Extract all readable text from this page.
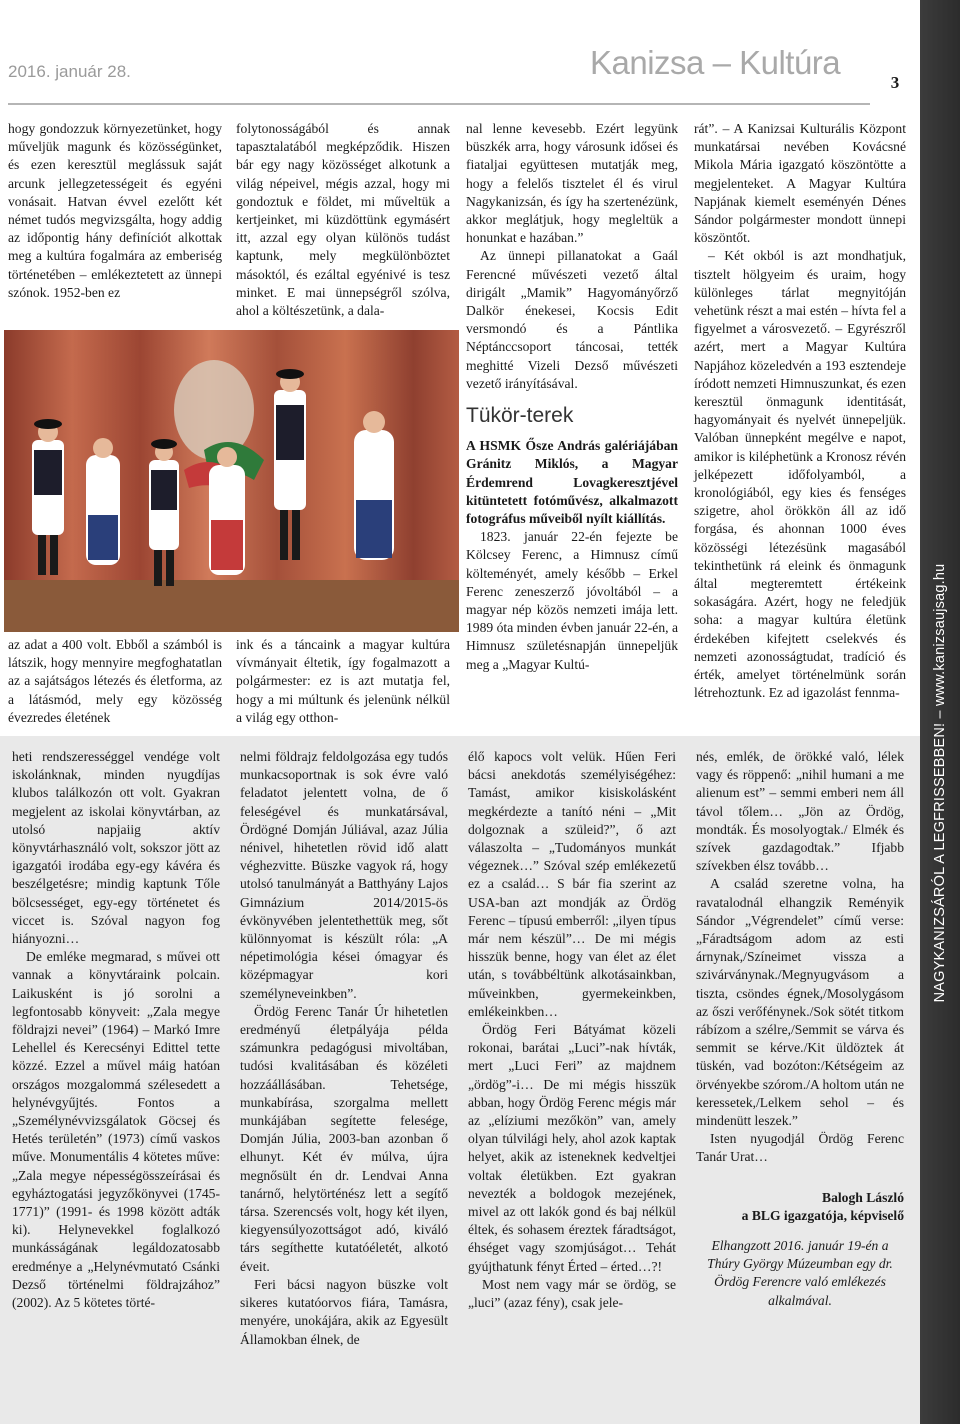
2016. január 28.	Kanizsa – Kultúra
3
NAGYKANIZSÁRÓL A LEGFRISSEBBEN! – www.kanizsaujsag.hu

hogy gondozzuk környezetünket, hogy műveljük magunk és közösségünket, és ezen keresztül meglássuk saját arcunk jellegzetességeit és egyéni vonásait. Hatvan évvel ezelőtt két német tudós megvizsgálta, hogy addig az időpontig hány definíciót alkottak meg a kultúra fogalmára az emberiség történetében – emlékeztetett az ünnepi szónok. 1952-ben ez

az adat a 400 volt. Ebből a számból is látszik, hogy mennyire megfoghatatlan az a sajátságos létezés és életforma, az a látásmód, mely egy közösség évezredes életének

folytonosságából és annak tapasztalatából megképződik. Hiszen bár egy nagy közösséget alkotunk a világ népeivel, mégis azzal, hogy mi gondoztuk e földet, mi műveltük a kertjeinket, mi küzdöttünk egymásért itt, azzal egy olyan különös tudást kaptunk, mely megkülönböztet másoktól, és ezáltal egyénivé is tesz minket. E mai ünnepségről szólva, ahol a költészetünk, a dala-

ink és a táncaink a magyar kultúra vívmányait éltetik, így fogalmazott a polgármester: ez is azt mutatja fel, hogy a mi múltunk és jelenünk nélkül a világ egy otthon-

nal lenne kevesebb. Ezért legyünk büszkék arra, hogy városunk idősei és fiataljai együttesen mutatják meg, hogy a felelős tisztelet él és virul Nagykanizsán, és így ha szertenézünk, akkor meglátjuk, hogy megleltük a honunkat e hazában.”

Az ünnepi pillanatokat a Gaál Ferencné művészeti vezető által dirigált „Mamik” Hagyományőrző Dalkör énekesei, Kocsis Edit versmondó és a Pántlika Néptánccsoport táncosai, tették meghitté Vizeli Dezső művészeti vezető irányításával.

Tükör-terek

A HSMK Ősze András galériájában Gránitz Miklós, a Magyar Érdemrend Lovagkeresztjével kitüntetett fotóművész, alkalmazott fotográfus műveiből nyílt kiállítás.

1823. január 22-én fejezte be Kölcsey Ferenc, a Himnusz című költeményét, amely később – Erkel Ferenc zeneszerző jóvoltából – a magyar nép közös nemzeti imája lett. 1989 óta minden évben január 22-én, a Himnusz születésnapján ünnepeljük meg a „Magyar Kultú-

rát”. – A Kanizsai Kulturális Központ munkatársai nevében Kovácsné Mikola Mária igazgató köszöntötte a megjelenteket. A Magyar Kultúra Napjának kiemelt eseményén Dénes Sándor polgármester mondott ünnepi köszöntőt.

– Két okból is azt mondhatjuk, tisztelt hölgyeim és uraim, hogy különleges tárlat megnyitóján vehetünk részt a mai estén – hívta fel a figyelmet a városvezető. – Egyrészről azért, mert a Magyar Kultúra Napjához közeledvén a 193 esztendeje íródott nemzeti Himnuszunkat, és ezen keresztül önmagunk identitását, hagyományait és nyelvét ünnepeljük. Valóban ünnepként megélve e napot, amikor is kiléphetünk a Kronosz révén jelképezett időfolyamból, a kronológiából, egy kies és fenséges szigetre, ahol örökkön áll az idő forgása, és ahonnan 1000 éves közösségi létezésünk magasából tekinthetünk rá eleink és önmagunk által megteremtett értékeink sokaságára. Azért, hogy ne feledjük soha: a magyar kultúra életünk érdekében kifejtett cselekvés és nemzeti azonosságtudat, tradíció és érték, amelyet történelmünk során létrehoztunk. Ez ad igazolást fennma-

heti rendszerességgel vendége volt iskolánknak, minden nyugdíjas klubos találkozón ott volt. Gyakran megjelent az iskolai könyvtárban, az utolsó napjaiig aktív könyvtárhasználó volt, sokszor jött az igazgatói irodába egy-egy kávéra és beszélgetésre; mindig kaptunk Tőle bölcsességet, egy-egy történetet és viccet is. Szóval nagyon fog hiányozni…

De emléke megmarad, s művei ott vannak a könyvtáraink polcain. Laikusként is jó sorolni a legfontosabb könyveit: „Zala megye földrajzi nevei” (1964) – Markó Imre Lehellel és Kerecsényi Edittel tette közzé. Ezzel a művel máig hatóan országos mozgalommá szélesedett a helynévgyűjtés. Fontos a „Személynévvizsgálatok Göcsej és Hetés területén” (1973) című vaskos műve. Monumentális 4 kötetes műve: „Zala megye népességösszeírásai és egyháztogatási jegyzőkönyvei (1745-1771)” (1991- és 1998 között adták ki). Helynevekkel foglalkozó munkásságának legáldozatosabb eredménye a „Helynévmutató Csánki Dezső történelmi földrajzához” (2002). Az 5 kötetes törté-

nelmi földrajz feldolgozása egy tudós munkacsoportnak is sok évre való feladatot jelentett volna, de ő feleségével és munkatársával, Ördögné Domján Júliával, azaz Júlia nénivel, hihetetlen rövid idő alatt véghezvitte. Büszke vagyok rá, hogy utolsó tanulmányát a Batthyány Lajos Gimnázium 2014/2015-ös évkönyvében jelentethettük meg, sőt különnyomat is készült róla: „A népetimológia kései ómagyar és középmagyar kori személyneveinkben”.

Ördög Ferenc Tanár Úr hihetetlen eredményű életpályája példa számunkra pedagógusi mivoltában, tudósi kvalitásában és közéleti hozzáállásában. Tehetsége, munkabírása, szorgalma mellett munkájában segítette felesége, Domján Júlia, 2003-ban azonban ő elhunyt. Két év múlva, újra megnősült én dr. Lendvai Anna tanárnő, helytörténész lett a segítő társa. Szerencsés volt, hogy két ilyen, kiegyensúlyozottságot adó, kiváló társ segíthette kutatóéletét, alkotó éveit.

Feri bácsi nagyon büszke volt sikeres kutatóorvos fiára, Tamásra, menyére, unokájára, akik az Egyesült Államokban élnek, de

élő kapocs volt velük. Hűen Feri bácsi anekdotás személyiségéhez: Tamást, amikor kisiskolásként megkérdezte a tanító néni – „Mit dolgoznak a szüleid?”, ő azt válaszolta – „Tudományos munkát végeznek…” Szóval szép emlékezetű ez a család… S bár fia szerint az USA-ban azt mondják az Ördög Ferenc – típusú emberről: „ilyen típus már nem készül”… De mi mégis hisszük benne, hogy van élet az élet után, s továbbéltünk alkotásainkban, műveinkben, gyermekeinkben, emlékeinkben…

Ördög Feri Bátyámat közeli rokonai, barátai „Luci”-nak hívták, mert „Luci Feri” az majdnem „ördög”-i… De mi mégis hisszük abban, hogy Ördög Ferenc mégis már az „elíziumi mezőkön” van, amely olyan túlvilági hely, ahol azok kaptak helyet, akik az isteneknek kedveltjei voltak életükben. Ezt gyakran nevezték a boldogok mezejének, mivel az ott lakók gond és baj nélkül éltek, és sohasem éreztek fáradtságot, éhséget vagy szomjúságot… Tehát gyújthatunk fényt Érted – érted…?!

Most nem vagy már se ördög, se „luci” (azaz fény), csak jele-

nés, emlék, de örökké való, lélek vagy és röppenő: „nihil humani a me alienum est” – semmi emberi nem áll távol tőlem… „Jön az Ördög, mondták. És mosolyogtak./ Elmék és szívek gazdagodtak.” Ifjabb szívekben élsz tovább…

A család szeretne volna, ha ravatalodnál elhangzik Reményik Sándor „Végrendelet” című verse: „Fáradtságom adom az esti árnynak,/Színeimet vissza a szivárványnak./Megnyugvásom a tiszta, csöndes égnek,/Mosolygásom az őszi verőfénynek./Sok sötét titkom rábízom a szélre,/Semmit se várva és semmit se kérve./Kit üldöztek át tüskén, vad bozóton:/Kétségeim az örvényekbe szórom./A holtom után ne keressetek,/Lelkem sehol – és mindenütt leszek.”

Isten nyugodjál Ördög Ferenc Tanár Urat…

Balogh László
a BLG igazgatója, képviselő
Elhangzott 2016. január 19-én a Thúry György Múzeumban egy dr. Ördög Ferencre való emlékezés alkalmával.
